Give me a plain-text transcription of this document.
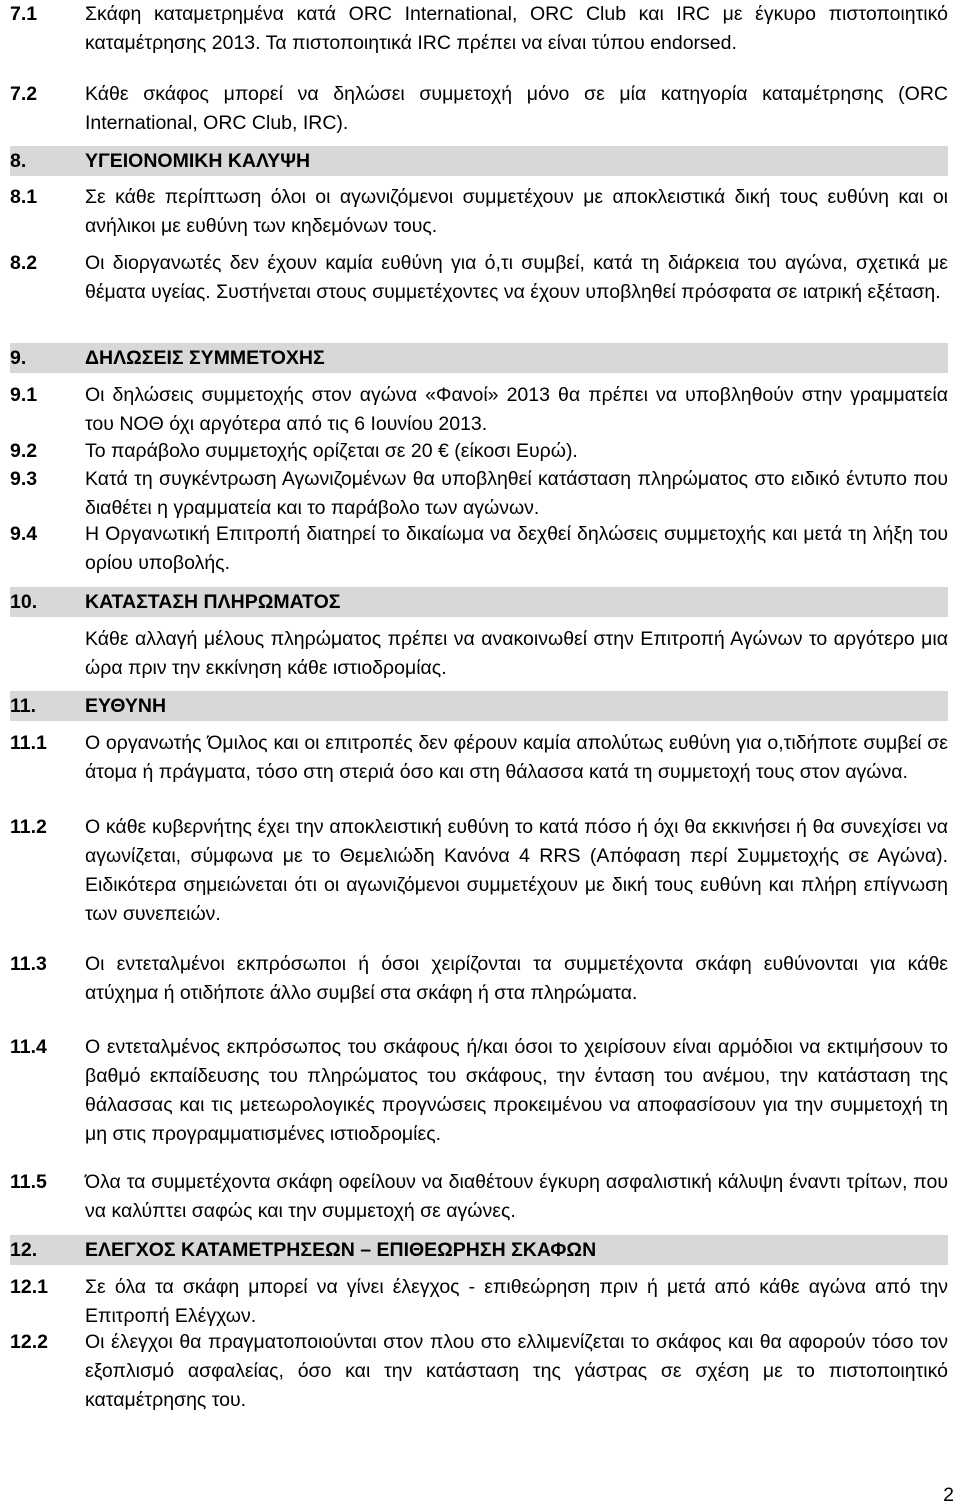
7.1	Σκάφη καταμετρημένα κατά ORC International, ORC Club και IRC με έγκυρο πιστοποιητικό καταμέτρησης 2013. Τα πιστοποιητικά IRC πρέπει να είναι τύπου endorsed.
7.2	Κάθε σκάφος μπορεί να δηλώσει συμμετοχή μόνο σε μία κατηγορία καταμέτρησης (ORC International, ORC Club, IRC).
8.	ΥΓΕΙΟΝΟΜΙΚΗ ΚΑΛΥΨΗ
8.1	Σε κάθε περίπτωση όλοι οι αγωνιζόμενοι συμμετέχουν με αποκλειστικά δική τους ευθύνη και οι ανήλικοι με ευθύνη των κηδεμόνων τους.
8.2	Οι διοργανωτές δεν έχουν καμία ευθύνη για ό,τι συμβεί, κατά τη διάρκεια του αγώνα, σχετικά με θέματα υγείας. Συστήνεται στους συμμετέχοντες να έχουν υποβληθεί πρόσφατα σε ιατρική εξέταση.
9.	ΔΗΛΩΣΕΙΣ ΣΥΜΜΕΤΟΧΗΣ
9.1	Οι δηλώσεις συμμετοχής στον αγώνα «Φανοί» 2013 θα πρέπει να υποβληθούν στην γραμματεία του ΝΟΘ όχι αργότερα από τις 6 Ιουνίου 2013.
9.2	Το παράβολο συμμετοχής ορίζεται σε 20 € (είκοσι Ευρώ).
9.3	Κατά τη συγκέντρωση Αγωνιζομένων θα υποβληθεί κατάσταση πληρώματος στο ειδικό έντυπο που διαθέτει η γραμματεία και το παράβολο των αγώνων.
9.4	Η Οργανωτική Επιτροπή διατηρεί το δικαίωμα να δεχθεί δηλώσεις συμμετοχής και μετά τη λήξη του ορίου υποβολής.
10.	ΚΑΤΑΣΤΑΣΗ ΠΛΗΡΩΜΑΤΟΣ
Κάθε αλλαγή μέλους πληρώματος πρέπει να ανακοινωθεί στην Επιτροπή Αγώνων το αργότερο μια ώρα πριν την εκκίνηση κάθε ιστιοδρομίας.
11.	ΕΥΘΥΝΗ
11.1	Ο οργανωτής Όμιλος και οι επιτροπές δεν φέρουν καμία απολύτως ευθύνη για ο,τιδήποτε συμβεί σε άτομα ή πράγματα, τόσο στη στεριά όσο και στη θάλασσα κατά τη συμμετοχή τους στον αγώνα.
11.2	Ο κάθε κυβερνήτης έχει την αποκλειστική ευθύνη το κατά πόσο ή όχι θα εκκινήσει ή θα συνεχίσει να αγωνίζεται, σύμφωνα με το Θεμελιώδη Κανόνα 4 RRS (Απόφαση περί Συμμετοχής σε Αγώνα). Ειδικότερα σημειώνεται ότι οι αγωνιζόμενοι συμμετέχουν με δική τους ευθύνη και πλήρη επίγνωση των συνεπειών.
11.3	Οι εντεταλμένοι εκπρόσωποι ή όσοι χειρίζονται τα συμμετέχοντα σκάφη ευθύνονται για κάθε ατύχημα ή οτιδήποτε άλλο συμβεί στα σκάφη ή στα πληρώματα.
11.4	Ο εντεταλμένος εκπρόσωπος του σκάφους ή/και όσοι το χειρίσουν είναι αρμόδιοι να εκτιμήσουν το βαθμό εκπαίδευσης του πληρώματος του σκάφους, την ένταση του ανέμου, την κατάσταση της θάλασσας και τις μετεωρολογικές προγνώσεις προκειμένου να αποφασίσουν για την συμμετοχή τη μη στις προγραμματισμένες ιστιοδρομίες.
11.5	Όλα τα συμμετέχοντα σκάφη οφείλουν να διαθέτουν έγκυρη ασφαλιστική κάλυψη έναντι τρίτων, που να καλύπτει σαφώς και την συμμετοχή σε αγώνες.
12.	ΕΛΕΓΧΟΣ ΚΑΤΑΜΕΤΡΗΣΕΩΝ – ΕΠΙΘΕΩΡΗΣΗ ΣΚΑΦΩΝ
12.1	Σε όλα τα σκάφη μπορεί να γίνει έλεγχος - επιθεώρηση πριν ή μετά από κάθε αγώνα από την Επιτροπή Ελέγχων.
12.2	Οι έλεγχοι θα πραγματοποιούνται στον πλου στο ελλιμενίζεται το σκάφος και θα αφορούν τόσο τον εξοπλισμό ασφαλείας, όσο και την κατάσταση της γάστρας σε σχέση με το πιστοποιητικό καταμέτρησης του.
2
